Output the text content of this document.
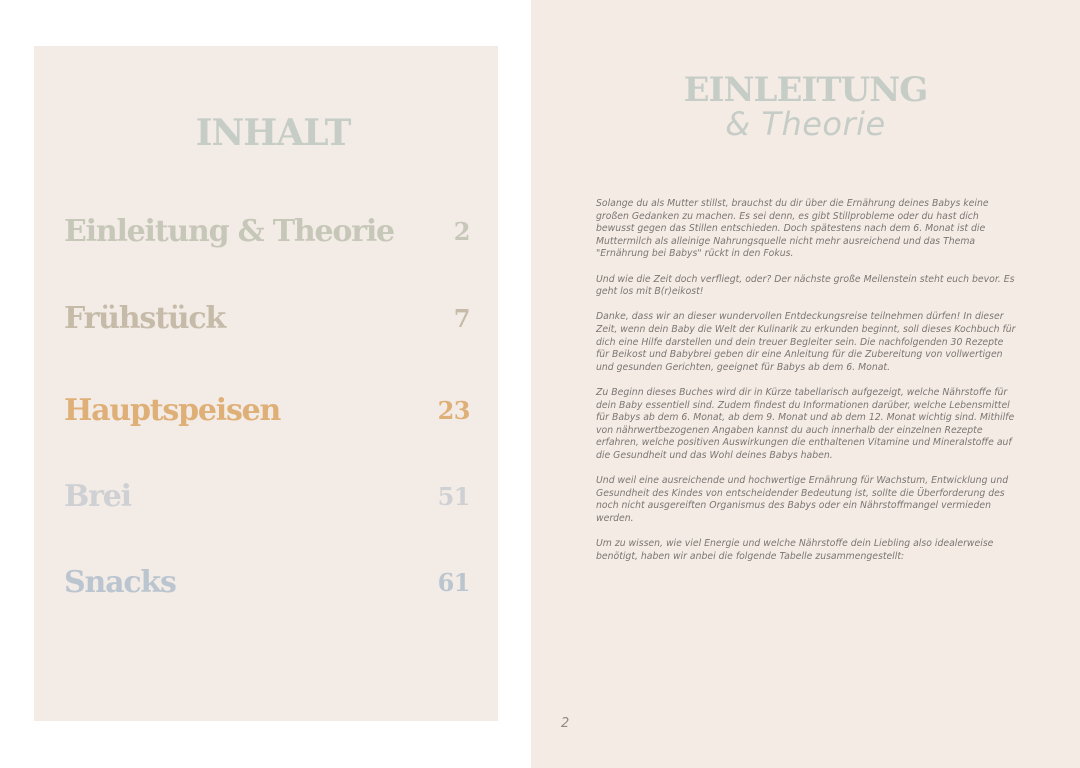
INHALT
Einleitung & Theorie 2
Frühstück	7
Hauptspeisen	23
Brei	51
Snacks	61
EINLEITUNG
& Theorie

Solange du als Mutter stillst, brauchst du dir über die Ernährung deines Babys keine großen Gedanken zu machen. Es sei denn, es gibt Stillprobleme oder du hast dich bewusst gegen das Stillen entschieden. Doch spätestens nach dem 6. Monat ist die Muttermilch als alleinige Nahrungsquelle nicht mehr ausreichend und das Thema "Ernährung bei Babys" rückt in den Fokus.

Und wie die Zeit doch verfliegt, oder? Der nächste große Meilenstein steht euch bevor. Es geht los mit B(r)eikost!

Danke, dass wir an dieser wundervollen Entdeckungsreise teilnehmen dürfen! In dieser Zeit, wenn dein Baby die Welt der Kulinarik zu erkunden beginnt, soll dieses Kochbuch für dich eine Hilfe darstellen und dein treuer Begleiter sein. Die nachfolgenden 30 Rezepte für Beikost und Babybrei geben dir eine Anleitung für die Zubereitung von vollwertigen und gesunden Gerichten, geeignet für Babys ab dem 6. Monat.

Zu Beginn dieses Buches wird dir in Kürze tabellarisch aufgezeigt, welche Nährstoffe für dein Baby essentiell sind. Zudem findest du Informationen darüber, welche Lebensmittel für Babys ab dem 6. Monat, ab dem 9. Monat und ab dem 12. Monat wichtig sind. Mithilfe von nährwertbezogenen Angaben kannst du auch innerhalb der einzelnen Rezepte erfahren, welche positiven Auswirkungen die enthaltenen Vitamine und Mineralstoffe auf die Gesundheit und das Wohl deines Babys haben.

Und weil eine ausreichende und hochwertige Ernährung für Wachstum, Entwicklung und Gesundheit des Kindes von entscheidender Bedeutung ist, sollte die Überforderung des noch nicht ausgereiften Organismus des Babys oder ein Nährstoffmangel vermieden werden.

Um zu wissen, wie viel Energie und welche Nährstoffe dein Liebling also idealerweise benötigt, haben wir anbei die folgende Tabelle zusammengestellt:

2
